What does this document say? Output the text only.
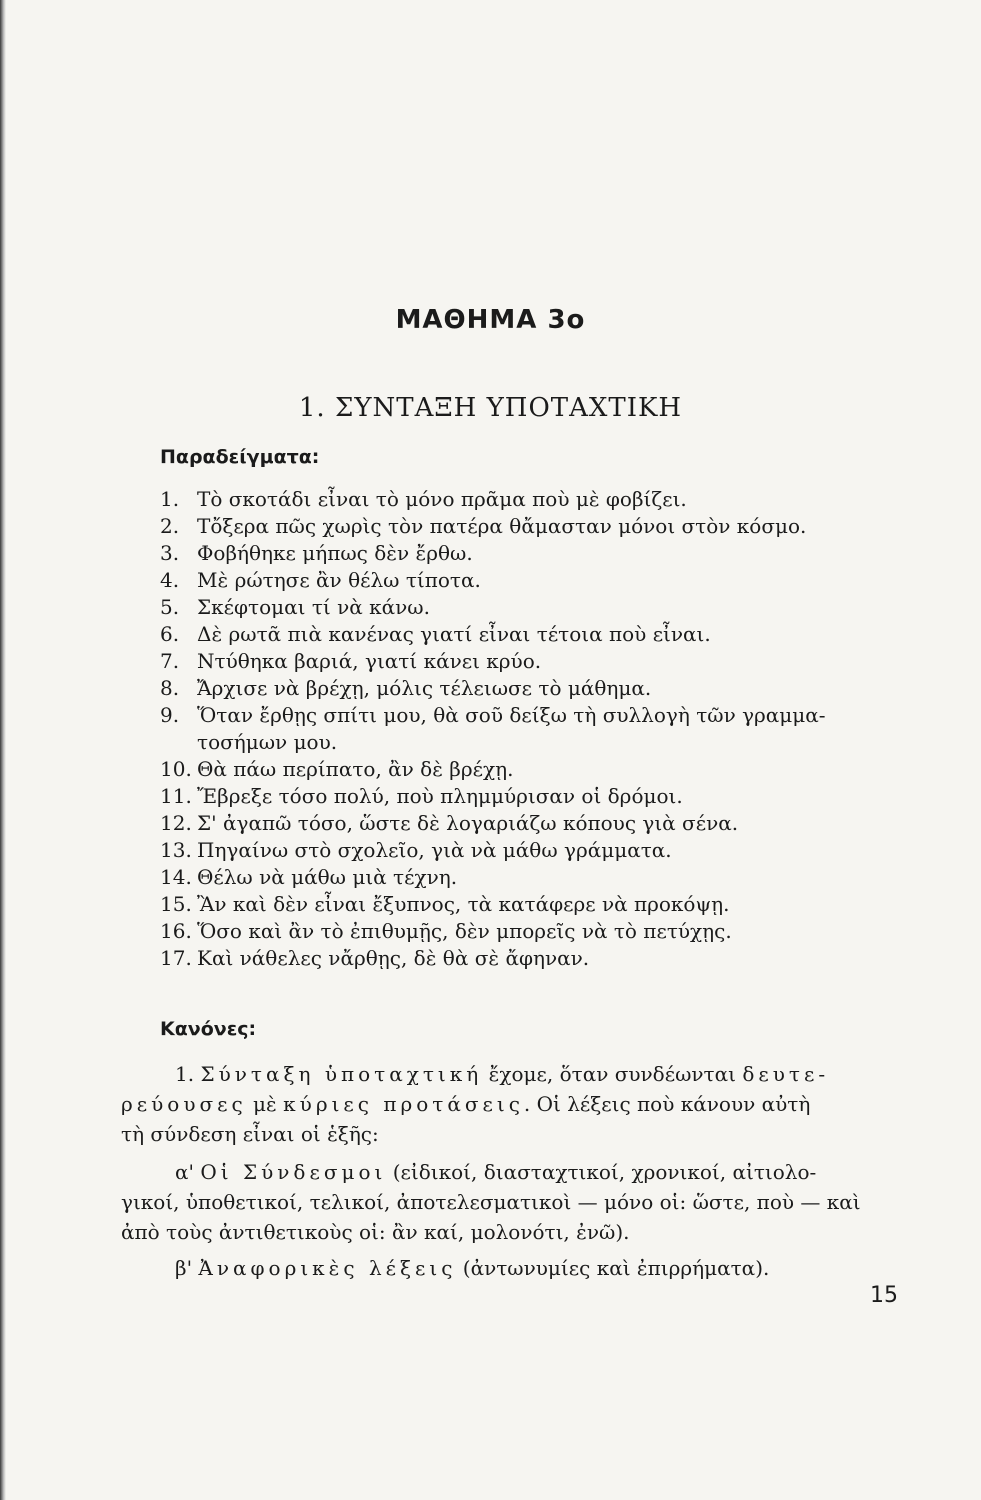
ΜΑΘΗΜΑ 3ο
1. ΣΥΝΤΑΞΗ ΥΠΟΤΑΧΤΙΚΗ
Παραδείγματα:
1. Τὸ σκοτάδι εἶναι τὸ μόνο πρᾶμα ποὺ μὲ φοβίζει.
2. Τὄξερα πῶς χωρὶς τὸν πατέρα θἄμασταν μόνοι στὸν κόσμο.
3. Φοβήθηκε μήπως δὲν ἔρθω.
4. Μὲ ρώτησε ἂν θέλω τίποτα.
5. Σκέφτομαι τί νὰ κάνω.
6. Δὲ ρωτᾶ πιὰ κανένας γιατί εἶναι τέτοια ποὺ εἶναι.
7. Ντύθηκα βαριά, γιατί κάνει κρύο.
8. Ἄρχισε νὰ βρέχῃ, μόλις τέλειωσε τὸ μάθημα.
9. Ὅταν ἔρθῃς σπίτι μου, θὰ σοῦ δείξω τὴ συλλογὴ τῶν γραμμα-
τοσήμων μου.
10. Θὰ πάω περίπατο, ἂν δὲ βρέχῃ.
11. Ἔβρεξε τόσο πολύ, ποὺ πλημμύρισαν οἱ δρόμοι.
12. Σ' ἀγαπῶ τόσο, ὥστε δὲ λογαριάζω κόπους γιὰ σένα.
13. Πηγαίνω στὸ σχολεῖο, γιὰ νὰ μάθω γράμματα.
14. Θέλω νὰ μάθω μιὰ τέχνη.
15. Ἂν καὶ δὲν εἶναι ἔξυπνος, τὰ κατάφερε νὰ προκόψῃ.
16. Ὅσο καὶ ἂν τὸ ἐπιθυμῇς, δὲν μπορεῖς νὰ τὸ πετύχῃς.
17. Καὶ νάθελες νἄρθῃς, δὲ θὰ σὲ ἄφηναν.
Κανόνες:

1. Σύνταξη ὑποταχτική ἔχομε, ὅταν συνδέωνται δευτε-

ρεύουσες μὲ κύριες προτάσεις. Οἱ λέξεις ποὺ κάνουν αὐτὴ

τὴ σύνδεση εἶναι οἱ ἑξῆς:

α' Οἱ Σύνδεσμοι (εἰδικοί, διασταχτικοί, χρονικοί, αἰτιολο-

γικοί, ὑποθετικοί, τελικοί, ἀποτελεσματικοὶ — μόνο οἱ: ὥστε, ποὺ — καὶ

ἀπὸ τοὺς ἀντιθετικοὺς οἱ: ἂν καί, μολονότι, ἐνῶ).

β' Ἀναφορικὲς λέξεις (ἀντωνυμίες καὶ ἐπιρρήματα).

15
